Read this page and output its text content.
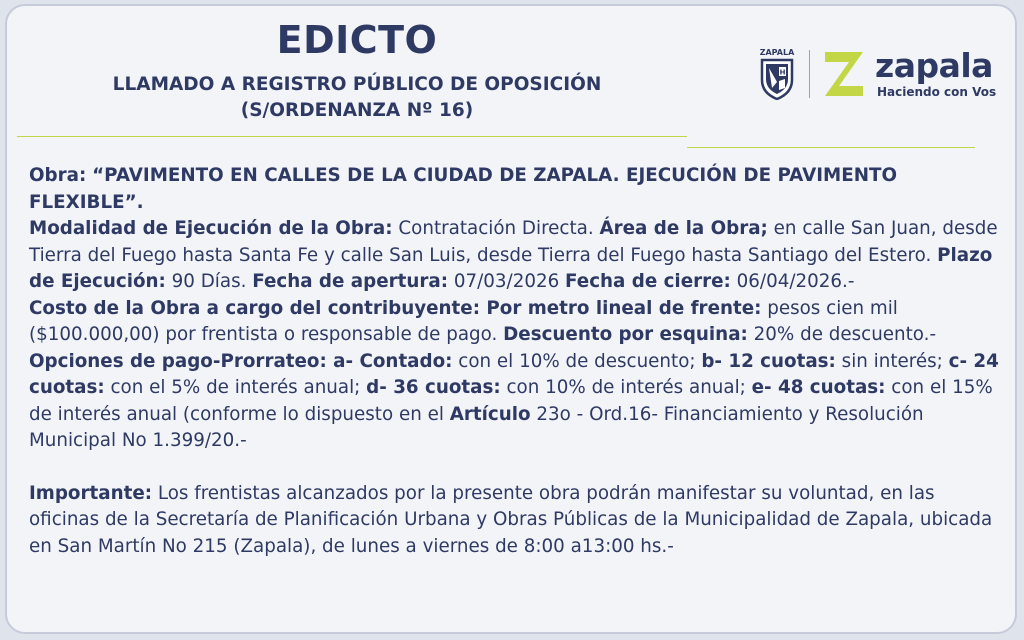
EDICTO
LLAMADO A REGISTRO PÚBLICO DE OPOSICIÓN
(S/ORDENANZA Nº 16)
ZAPALA
H	zapala
Haciendo con Vos

Obra: “PAVIMENTO EN CALLES DE LA CIUDAD DE ZAPALA. EJECUCIÓN DE PAVIMENTO FLEXIBLE”.

Modalidad de Ejecución de la Obra: Contratación Directa. Área de la Obra; en calle San Juan, desde Tierra del Fuego hasta Santa Fe y calle San Luis, desde Tierra del Fuego hasta Santiago del Estero. Plazo de Ejecución: 90 Días. Fecha de apertura: 07/03/2026 Fecha de cierre: 06/04/2026.-

Costo de la Obra a cargo del contribuyente: Por metro lineal de frente: pesos cien mil ($100.000,00) por frentista o responsable de pago. Descuento por esquina: 20% de descuento.- Opciones de pago-Prorrateo: a- Contado: con el 10% de descuento; b- 12 cuotas: sin interés; c- 24 cuotas: con el 5% de interés anual; d- 36 cuotas: con 10% de interés anual; e- 48 cuotas: con el 15% de interés anual (conforme lo dispuesto en el Artículo 23o - Ord.16- Financiamiento y Resolución Municipal No 1.399/20.-

Importante: Los frentistas alcanzados por la presente obra podrán manifestar su voluntad, en las oficinas de la Secretaría de Planificación Urbana y Obras Públicas de la Municipalidad de Zapala, ubicada en San Martín No 215 (Zapala), de lunes a viernes de 8:00 a13:00 hs.-
